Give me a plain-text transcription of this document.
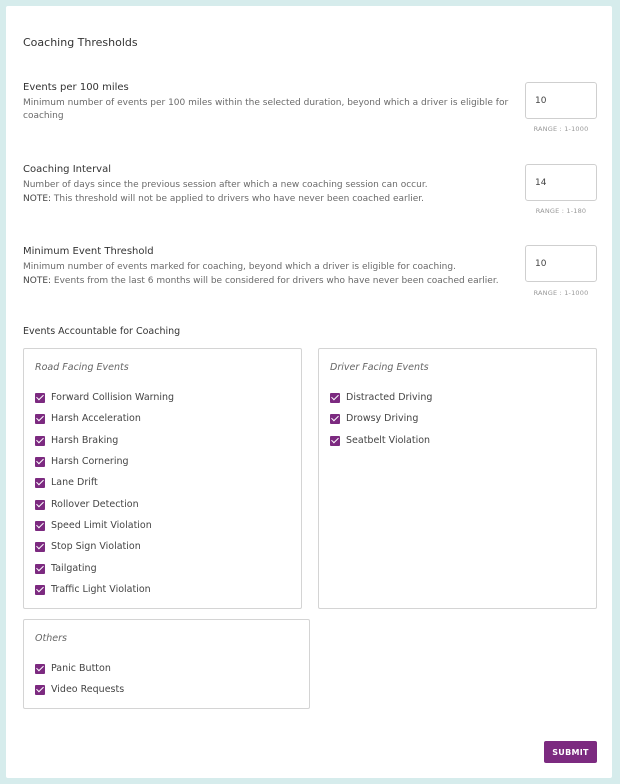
Coaching Thresholds
Events per 100 miles
Minimum number of events per 100 miles within the selected duration, beyond which a driver is eligible for coaching
10
RANGE : 1-1000
Coaching Interval
Number of days since the previous session after which a new coaching session can occur.
NOTE: This threshold will not be applied to drivers who have never been coached earlier.
14
RANGE : 1-180
Minimum Event Threshold
Minimum number of events marked for coaching, beyond which a driver is eligible for coaching.
NOTE: Events from the last 6 months will be considered for drivers who have never been coached earlier.
10
RANGE : 1-1000
Events Accountable for Coaching
Road Facing Events
Forward Collision Warning
Harsh Acceleration
Harsh Braking
Harsh Cornering
Lane Drift
Rollover Detection
Speed Limit Violation
Stop Sign Violation
Tailgating
Traffic Light Violation
Driver Facing Events
Distracted Driving
Drowsy Driving
Seatbelt Violation
Others
Panic Button
Video Requests
SUBMIT
